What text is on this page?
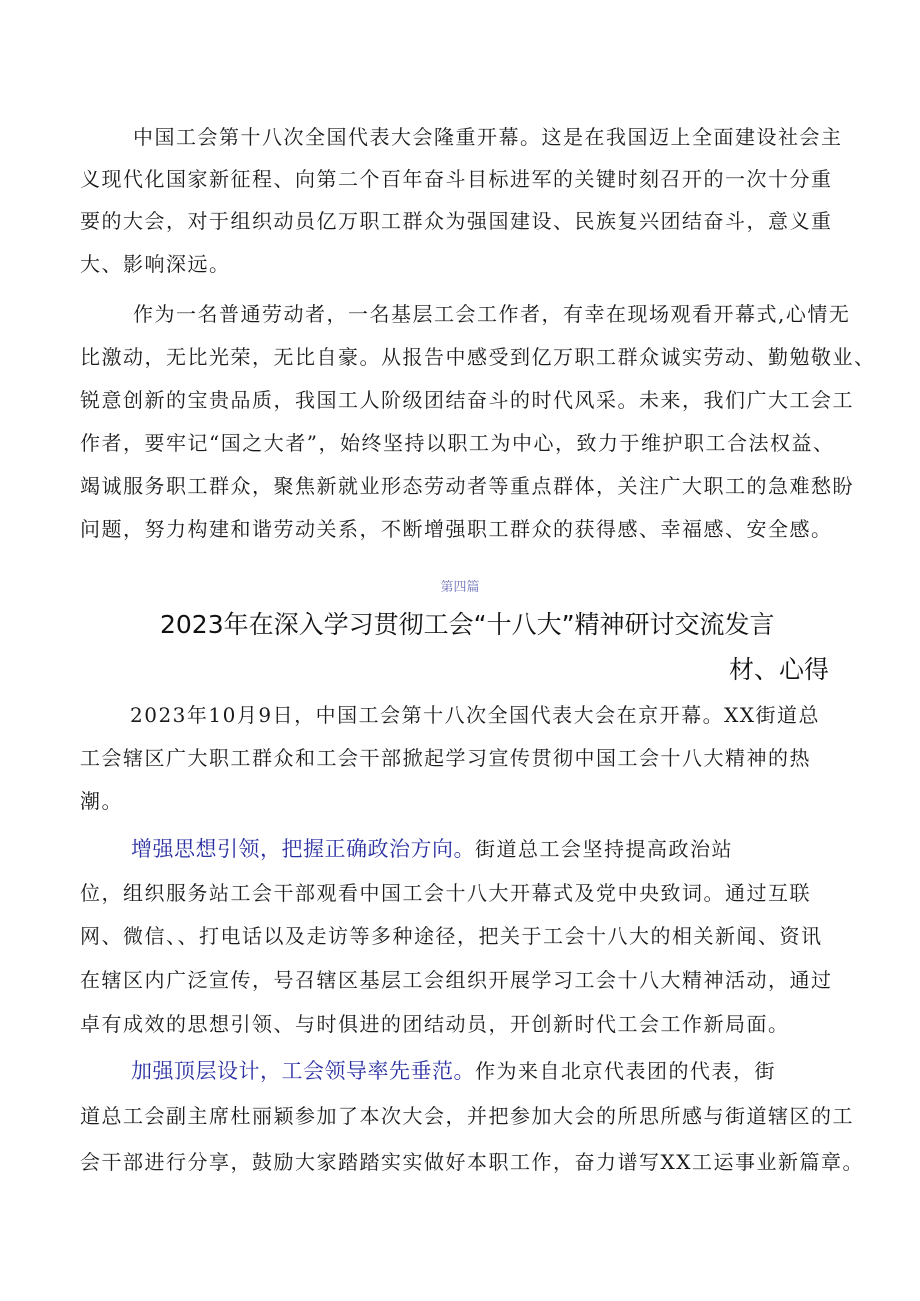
中国工会第十八次全国代表大会隆重开幕。这是在我国迈上全面建设社会主
义现代化国家新征程、向第二个百年奋斗目标进军的关键时刻召开的一次十分重
要的大会，对于组织动员亿万职工群众为强国建设、民族复兴团结奋斗，意义重
大、影响深远。
作为一名普通劳动者，一名基层工会工作者，有幸在现场观看开幕式,心情无
比激动，无比光荣，无比自豪。从报告中感受到亿万职工群众诚实劳动、勤勉敬业、
锐意创新的宝贵品质，我国工人阶级团结奋斗的时代风采。未来，我们广大工会工
作者，要牢记“国之大者”，始终坚持以职工为中心，致力于维护职工合法权益、
竭诚服务职工群众，聚焦新就业形态劳动者等重点群体，关注广大职工的急难愁盼
问题，努力构建和谐劳动关系，不断增强职工群众的获得感、幸福感、安全感。
第四篇
2023年在深入学习贯彻工会“十八大”精神研讨交流发言
材、心得
2023年10月9日，中国工会第十八次全国代表大会在京开幕。XX街道总
工会辖区广大职工群众和工会干部掀起学习宣传贯彻中国工会十八大精神的热
潮。
增强思想引领，把握正确政治方向。街道总工会坚持提高政治站
位，组织服务站工会干部观看中国工会十八大开幕式及党中央致词。通过互联
网、微信、、打电话以及走访等多种途径，把关于工会十八大的相关新闻、资讯
在辖区内广泛宣传，号召辖区基层工会组织开展学习工会十八大精神活动，通过
卓有成效的思想引领、与时俱进的团结动员，开创新时代工会工作新局面。
加强顶层设计，工会领导率先垂范。作为来自北京代表团的代表，街
道总工会副主席杜丽颖参加了本次大会，并把参加大会的所思所感与街道辖区的工
会干部进行分享，鼓励大家踏踏实实做好本职工作，奋力谱写XX工运事业新篇章。
